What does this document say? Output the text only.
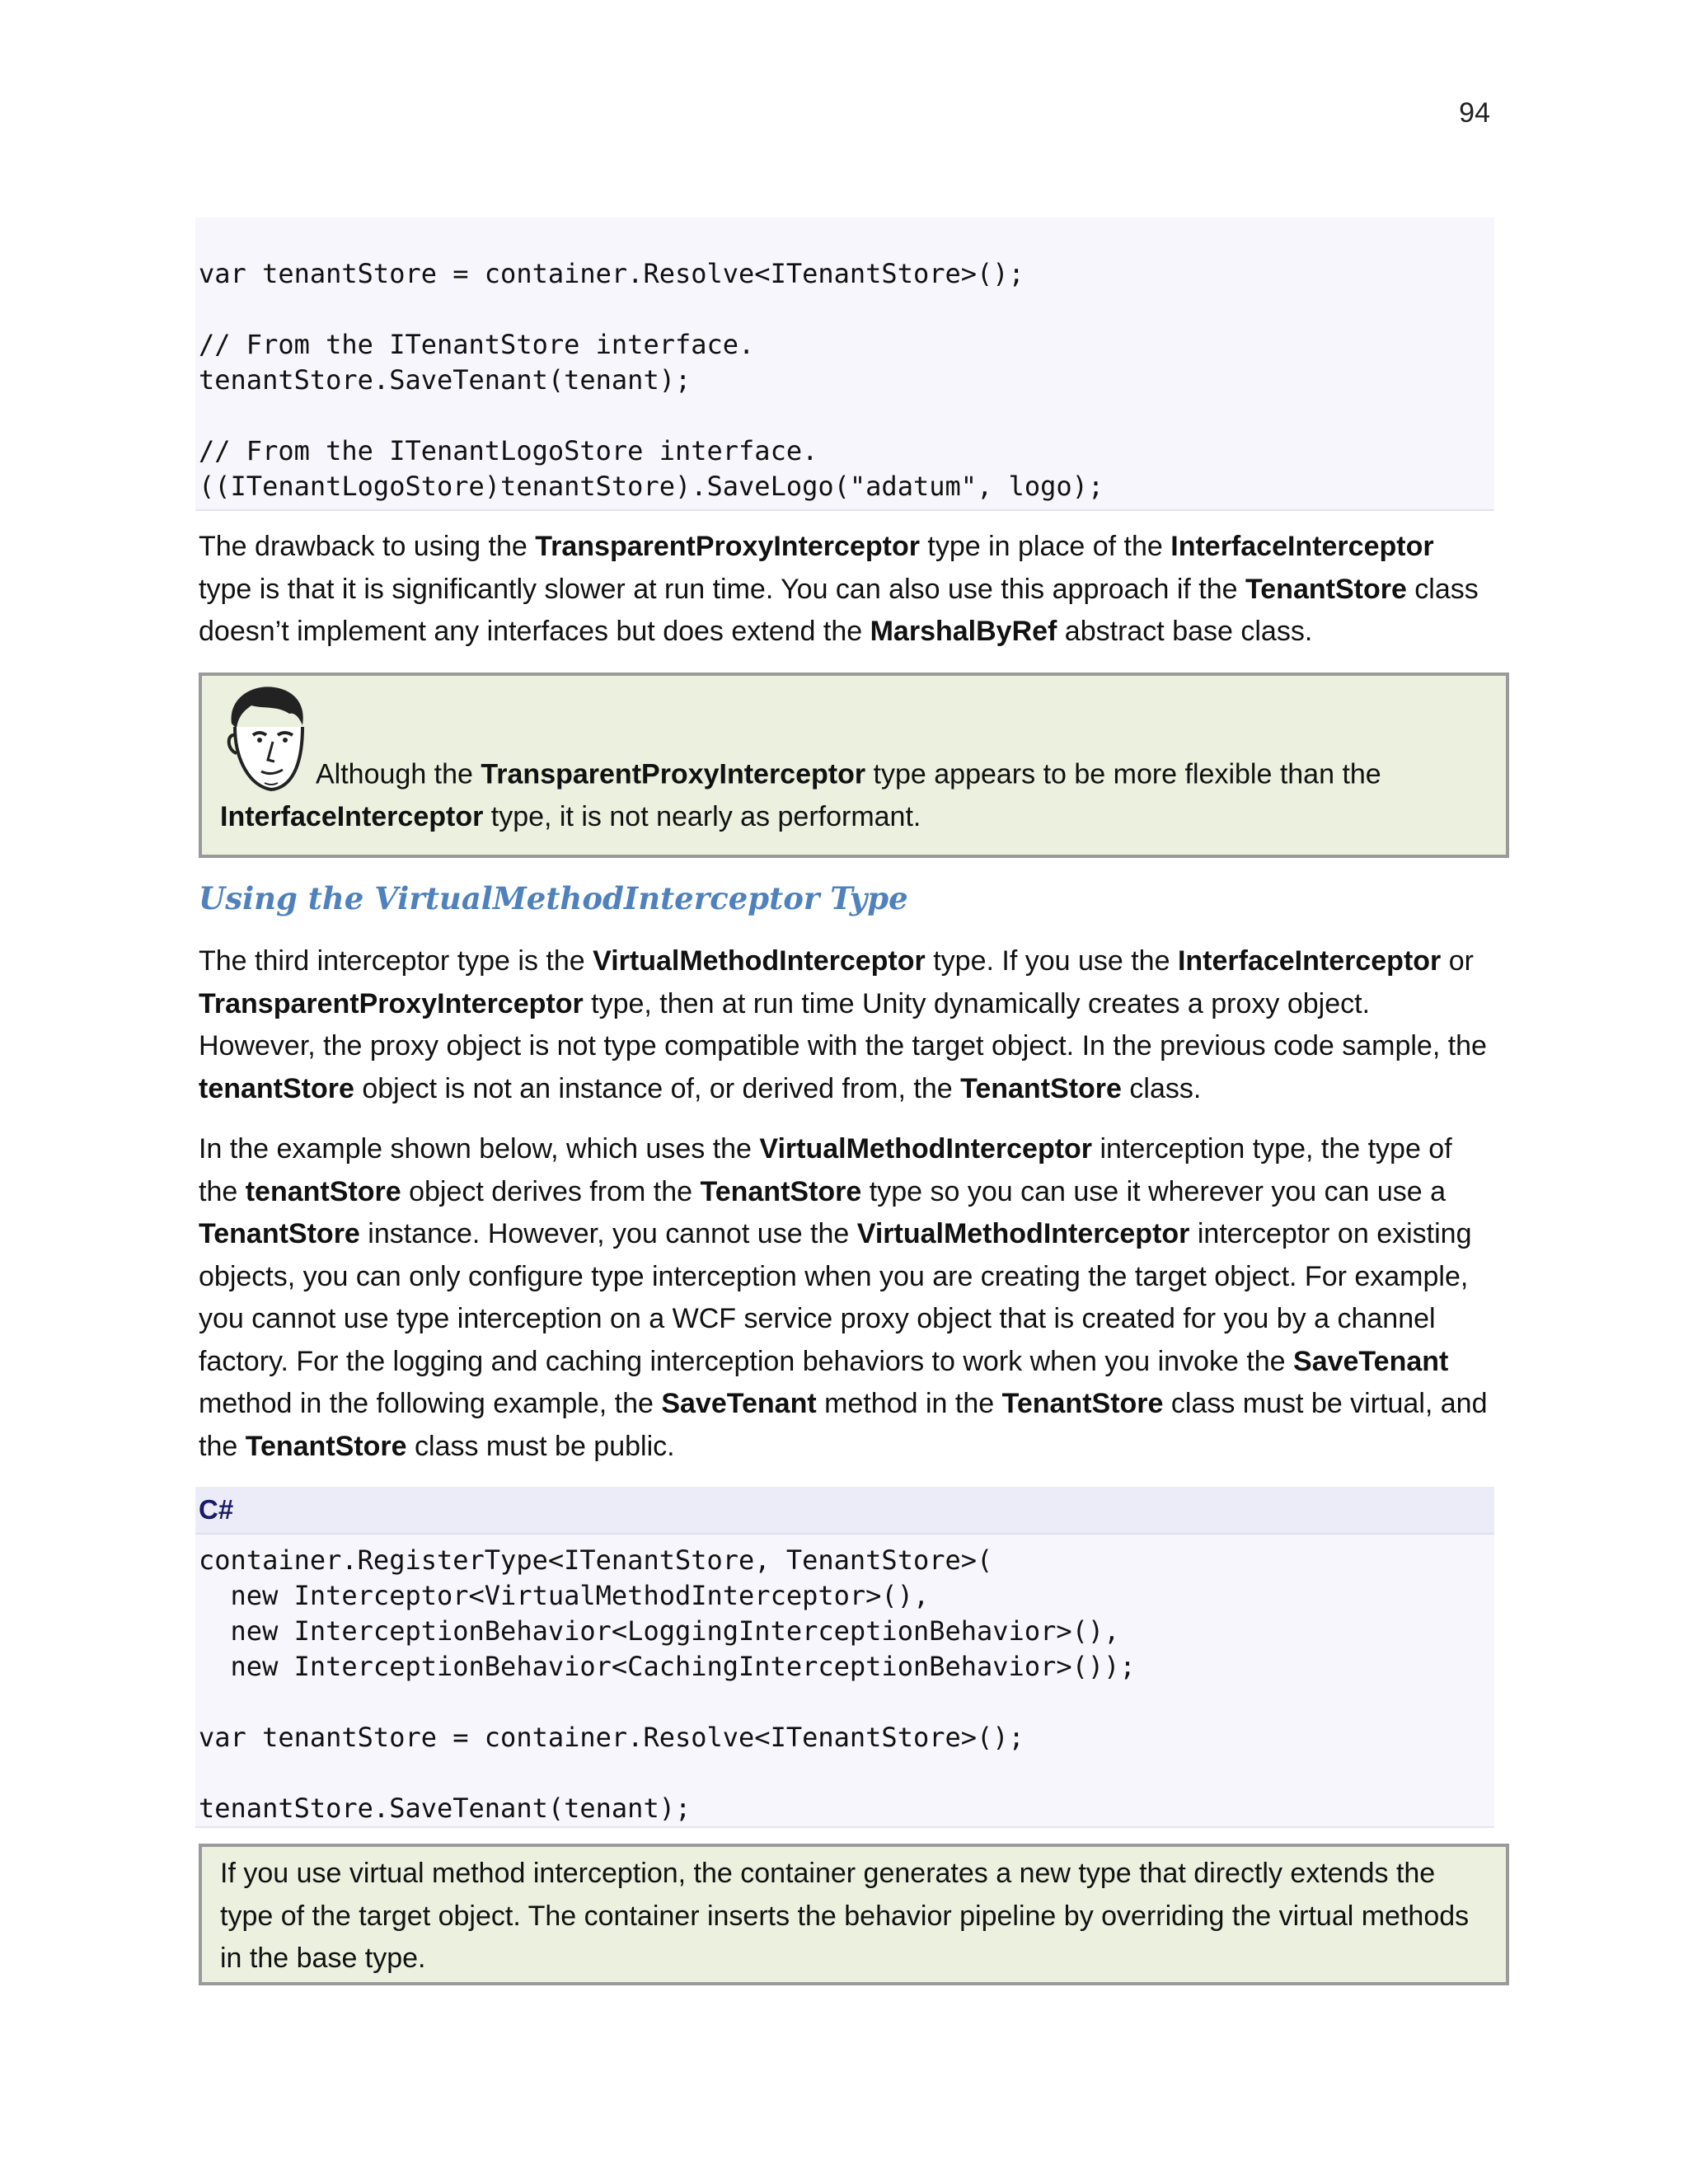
94
var tenantStore = container.Resolve<ITenantStore>();
// From the ITenantStore interface.
tenantStore.SaveTenant(tenant);
// From the ITenantLogoStore interface.
((ITenantLogoStore)tenantStore).SaveLogo("adatum", logo);
The drawback to using the TransparentProxyInterceptor type in place of the InterfaceInterceptor type is that it is significantly slower at run time. You can also use this approach if the TenantStore class doesn’t implement any interfaces but does extend the MarshalByRef abstract base class.
Although the TransparentProxyInterceptor type appears to be more flexible than the InterfaceInterceptor type, it is not nearly as performant.
Using the VirtualMethodInterceptor Type
The third interceptor type is the VirtualMethodInterceptor type. If you use the InterfaceInterceptor or TransparentProxyInterceptor type, then at run time Unity dynamically creates a proxy object. However, the proxy object is not type compatible with the target object. In the previous code sample, the tenantStore object is not an instance of, or derived from, the TenantStore class.
In the example shown below, which uses the VirtualMethodInterceptor interception type, the type of the tenantStore object derives from the TenantStore type so you can use it wherever you can use a TenantStore instance. However, you cannot use the VirtualMethodInterceptor interceptor on existing objects, you can only configure type interception when you are creating the target object. For example, you cannot use type interception on a WCF service proxy object that is created for you by a channel factory. For the logging and caching interception behaviors to work when you invoke the SaveTenant method in the following example, the SaveTenant method in the TenantStore class must be virtual, and the TenantStore class must be public.
C#
container.RegisterType<ITenantStore, TenantStore>(
new Interceptor<VirtualMethodInterceptor>(),
new InterceptionBehavior<LoggingInterceptionBehavior>(),
new InterceptionBehavior<CachingInterceptionBehavior>());
var tenantStore = container.Resolve<ITenantStore>();
tenantStore.SaveTenant(tenant);
If you use virtual method interception, the container generates a new type that directly extends the type of the target object. The container inserts the behavior pipeline by overriding the virtual methods in the base type.
